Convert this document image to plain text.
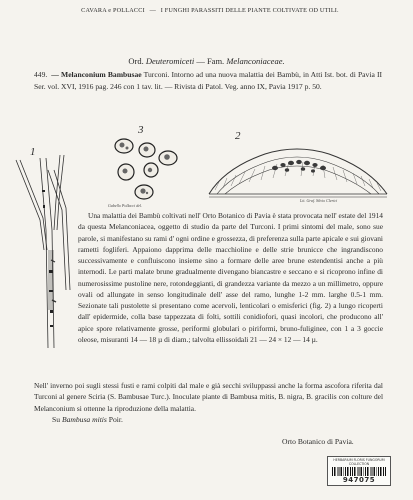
CAVARA e POLLACCI — I FUNGHI PARASSITI DELLE PIANTE COLTIVATE OD UTILI.
Ord. Deuteromiceti — Fam. Melanconiaceae.
449. — Melanconium Bambusae Turconi. Intorno ad una nuova malattia dei Bambù, in Atti Ist. bot. di Pavia II Ser. vol. XVI, 1916 pag. 246 con 1 tav. lit. — Rivista di Patol. Veg. anno IX, Pavia 1917 p. 50.
1
3
Gabello Pollacci del.
2
Lit. Graf. Silvio Clerici
Una malattia dei Bambù coltivati nell' Orto Botanico di Pavia è stata provocata nell' estate del 1914 da questa Melanconiacea, oggetto di studio da parte del Turconi. I primi sintomi del male, sono sue parole, si manifestano su rami d' ogni ordine e grossezza, di preferenza sulla parte apicale e sui giovani rametti fogliferi. Appaiono dapprima delle macchioline e delle strie brunicce che ingrandiscono successivamente e confluiscono insieme sino a formare delle aree brune estendentisi anche a più internodi. Le parti malate brune gradualmente divengano biancastre e seccano e si ricoprono infine di numerosissime pustoline nere, rotondeggianti, di grandezza variante da mezzo a un millimetro, oppure ovali od allungate in senso longitudinale dell' asse del ramo, lunghe 1-2 mm. larghe 0.5-1 mm. Sezionate tali pustolette si presentano come acervoli, lenticolari o emisferici (fig. 2) a lungo ricoperti dall' epidermide, colla base tappezzata di folti, sottili conidiofori, quasi incolori, che producono all' apice spore relativamente grosse, periformi globulari o piriformi, bruno-fuliginee, con 1 a 3 goccie oleose, misuranti 14 — 18 µ di diam.; talvolta ellissoidali 21 — 24 × 12 — 14 µ.
Nell' inverno poi sugli stessi fusti e rami colpiti dal male e già secchi sviluppassi anche la forma ascofora riferita dal Turconi al genere Sciria (S. Bambusae Turc.). Inoculate piante di Bambusa mitis, B. nigra, B. gracilis con colture del Melanconium si ottenne la riproduzione della malattia.
Su Bambusa mitis Poir.
Orto Botanico di Pavia.
HERBARIUM FLORIS FUNGORUM COLLECTION
947075
